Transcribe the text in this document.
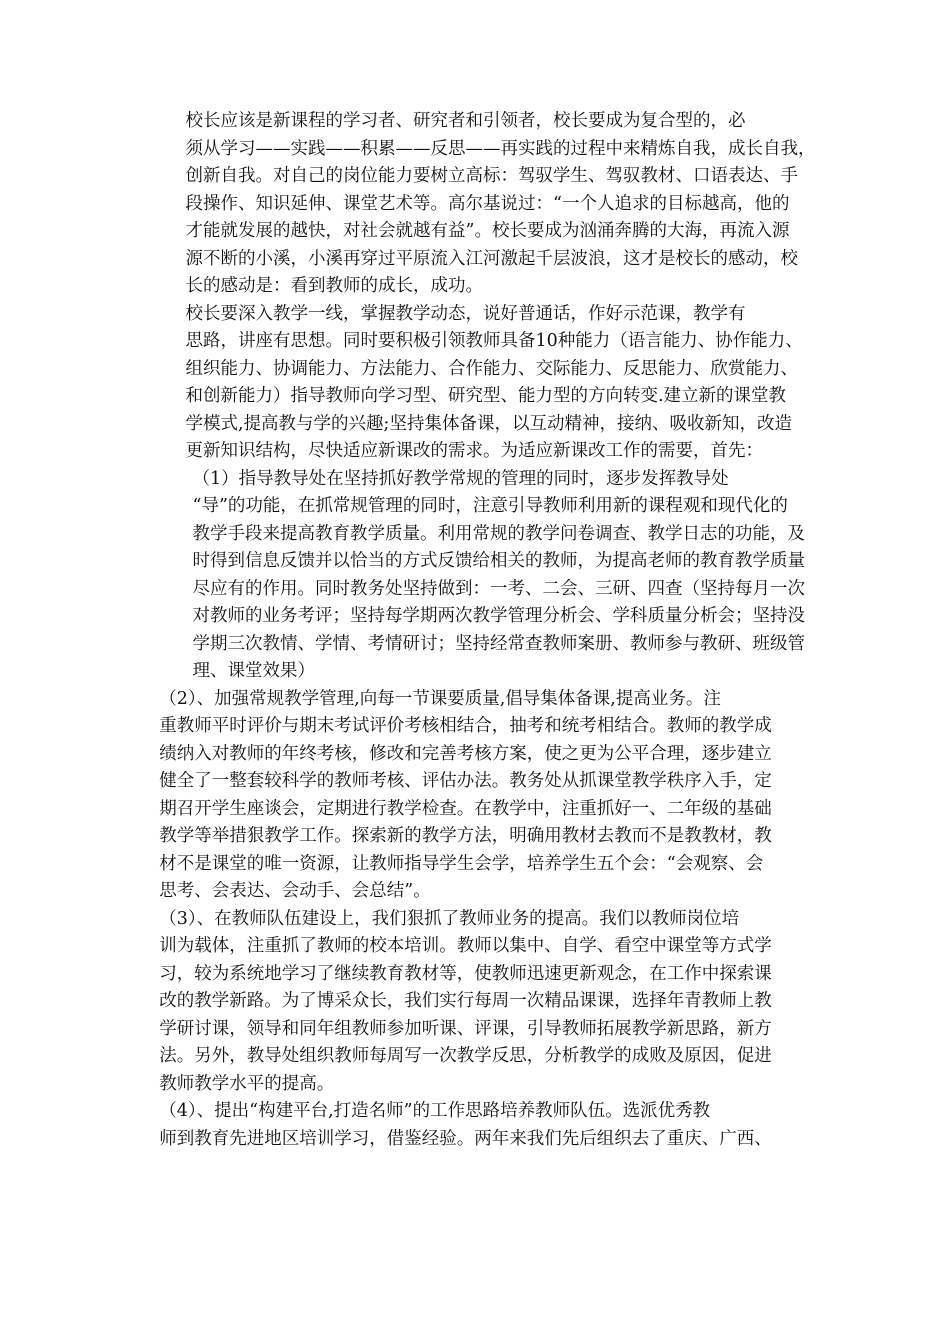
校长应该是新课程的学习者、研究者和引领者，校长要成为复合型的，必
须从学习——实践——积累——反思——再实践的过程中来精炼自我，成长自我，
创新自我。对自己的岗位能力要树立高标：驾驭学生、驾驭教材、口语表达、手
段操作、知识延伸、课堂艺术等。高尔基说过：“一个人追求的目标越高，他的
才能就发展的越快，对社会就越有益”。校长要成为汹涌奔腾的大海，再流入源
源不断的小溪，小溪再穿过平原流入江河激起千层波浪，这才是校长的感动，校
长的感动是：看到教师的成长，成功。

校长要深入教学一线，掌握教学动态，说好普通话，作好示范课，教学有
思路，讲座有思想。同时要积极引领教师具备10种能力（语言能力、协作能力、
组织能力、协调能力、方法能力、合作能力、交际能力、反思能力、欣赏能力、
和创新能力）指导教师向学习型、研究型、能力型的方向转变.建立新的课堂教
学模式,提高教与学的兴趣;坚持集体备课，以互动精神，接纳、吸收新知，改造
更新知识结构，尽快适应新课改的需求。为适应新课改工作的需要，首先：

（1）指导教导处在坚持抓好教学常规的管理的同时，逐步发挥教导处
“导”的功能，在抓常规管理的同时，注意引导教师利用新的课程观和现代化的
教学手段来提高教育教学质量。利用常规的教学问卷调查、教学日志的功能，及
时得到信息反馈并以恰当的方式反馈给相关的教师，为提高老师的教育教学质量
尽应有的作用。同时教务处坚持做到：一考、二会、三研、四查（坚持每月一次
对教师的业务考评；坚持每学期两次教学管理分析会、学科质量分析会；坚持没
学期三次教情、学情、考情研讨；坚持经常查教师案册、教师参与教研、班级管
理、课堂效果）

（2）、加强常规教学管理,向每一节课要质量,倡导集体备课,提高业务。注
重教师平时评价与期末考试评价考核相结合，抽考和统考相结合。教师的教学成
绩纳入对教师的年终考核，修改和完善考核方案，使之更为公平合理，逐步建立
健全了一整套较科学的教师考核、评估办法。教务处从抓课堂教学秩序入手，定
期召开学生座谈会，定期进行教学检查。在教学中，注重抓好一、二年级的基础
教学等举措狠教学工作。探索新的教学方法，明确用教材去教而不是教教材，教
材不是课堂的唯一资源，让教师指导学生会学，培养学生五个会：“会观察、会
思考、会表达、会动手、会总结”。

（3）、在教师队伍建设上，我们狠抓了教师业务的提高。我们以教师岗位培
训为载体，注重抓了教师的校本培训。教师以集中、自学、看空中课堂等方式学
习，较为系统地学习了继续教育教材等，使教师迅速更新观念，在工作中探索课
改的教学新路。为了博采众长，我们实行每周一次精品课课，选择年青教师上教
学研讨课，领导和同年组教师参加听课、评课，引导教师拓展教学新思路，新方
法。另外，教导处组织教师每周写一次教学反思，分析教学的成败及原因，促进
教师教学水平的提高。

（4）、提出“构建平台,打造名师”的工作思路培养教师队伍。选派优秀教
师到教育先进地区培训学习，借鉴经验。两年来我们先后组织去了重庆、广西、
